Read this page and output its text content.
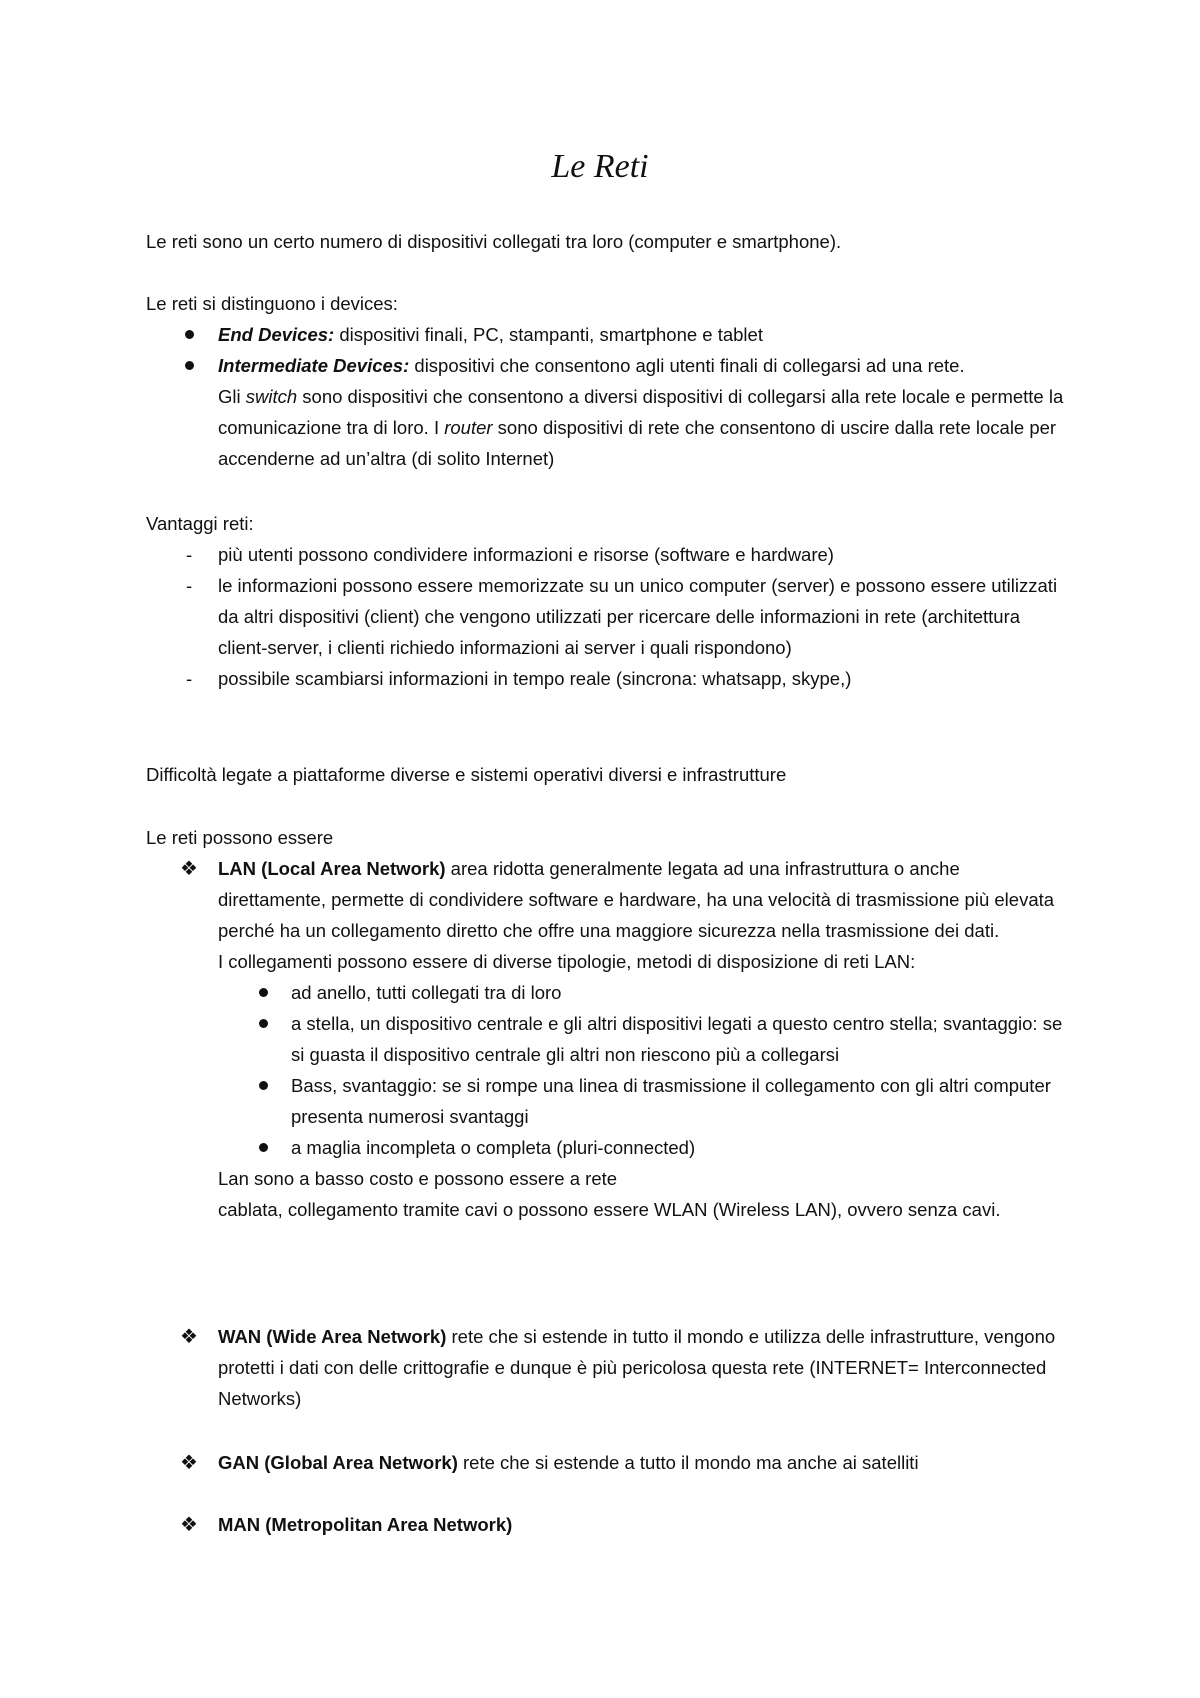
Le Reti

Le reti sono un certo numero di dispositivi collegati tra loro (computer e smartphone).

Le reti si distinguono i devices:
End Devices: dispositivi finali, PC, stampanti, smartphone e tablet
Intermediate Devices: dispositivi che consentono agli utenti finali di collegarsi ad una rete.
Gli switch sono dispositivi che consentono a diversi dispositivi di collegarsi alla rete locale e permette la comunicazione tra di loro. I router sono dispositivi di rete che consentono di uscire dalla rete locale per accenderne ad un’altra (di solito Internet)
Vantaggi reti:
- più utenti possono condividere informazioni e risorse (software e hardware)
- le informazioni possono essere memorizzate su un unico computer (server) e possono essere utilizzati da altri dispositivi (client) che vengono utilizzati per ricercare delle informazioni in rete (architettura client-server, i clienti richiedo informazioni ai server i quali rispondono)
- possibile scambiarsi informazioni in tempo reale (sincrona: whatsapp, skype,)

Difficoltà legate a piattaforme diverse e sistemi operativi diversi e infrastrutture

Le reti possono essere
❖ LAN (Local Area Network) area ridotta generalmente legata ad una infrastruttura o anche direttamente, permette di condividere software e hardware, ha una velocità di trasmissione più elevata perché ha un collegamento diretto che offre una maggiore sicurezza nella trasmissione dei dati.
I collegamenti possono essere di diverse tipologie, metodi di disposizione di reti LAN:
ad anello, tutti collegati tra di loro
a stella, un dispositivo centrale e gli altri dispositivi legati a questo centro stella; svantaggio: se si guasta il dispositivo centrale gli altri non riescono più a collegarsi
Bass, svantaggio: se si rompe una linea di trasmissione il collegamento con gli altri computer presenta numerosi svantaggi
a maglia incompleta o completa (pluri-connected)
Lan sono a basso costo e possono essere a rete
cablata, collegamento tramite cavi o possono essere WLAN (Wireless LAN), ovvero senza cavi.
❖ WAN (Wide Area Network) rete che si estende in tutto il mondo e utilizza delle infrastrutture, vengono protetti i dati con delle crittografie e dunque è più pericolosa questa rete (INTERNET= Interconnected Networks)
❖ GAN (Global Area Network) rete che si estende a tutto il mondo ma anche ai satelliti
❖ MAN (Metropolitan Area Network)
